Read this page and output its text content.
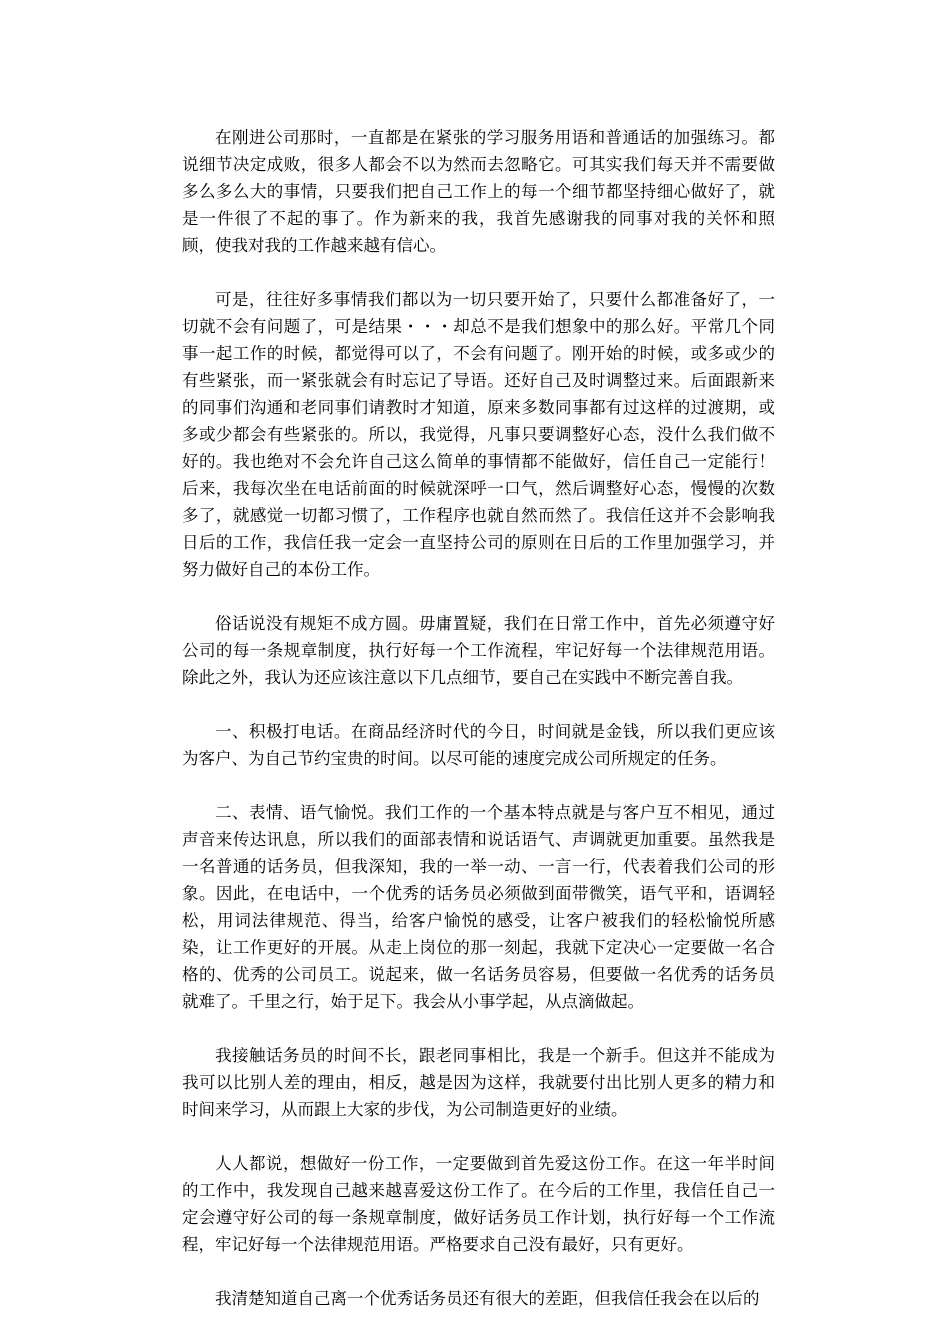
在刚进公司那时，一直都是在紧张的学习服务用语和普通话的加强练习。都说细节决定成败，很多人都会不以为然而去忽略它。可其实我们每天并不需要做多么多么大的事情，只要我们把自己工作上的每一个细节都坚持细心做好了，就是一件很了不起的事了。作为新来的我，我首先感谢我的同事对我的关怀和照顾，使我对我的工作越来越有信心。

可是，往往好多事情我们都以为一切只要开始了，只要什么都准备好了，一切就不会有问题了，可是结果・・・却总不是我们想象中的那么好。平常几个同事一起工作的时候，都觉得可以了，不会有问题了。刚开始的时候，或多或少的有些紧张，而一紧张就会有时忘记了导语。还好自己及时调整过来。后面跟新来的同事们沟通和老同事们请教时才知道，原来多数同事都有过这样的过渡期，或多或少都会有些紧张的。所以，我觉得，凡事只要调整好心态，没什么我们做不好的。我也绝对不会允许自己这么简单的事情都不能做好，信任自己一定能行！后来，我每次坐在电话前面的时候就深呼一口气，然后调整好心态，慢慢的次数多了，就感觉一切都习惯了，工作程序也就自然而然了。我信任这并不会影响我日后的工作，我信任我一定会一直坚持公司的原则在日后的工作里加强学习，并努力做好自己的本份工作。

俗话说没有规矩不成方圆。毋庸置疑，我们在日常工作中，首先必须遵守好公司的每一条规章制度，执行好每一个工作流程，牢记好每一个法律规范用语。除此之外，我认为还应该注意以下几点细节，要自己在实践中不断完善自我。

一、积极打电话。在商品经济时代的今日，时间就是金钱，所以我们更应该为客户、为自己节约宝贵的时间。以尽可能的速度完成公司所规定的任务。

二、表情、语气愉悦。我们工作的一个基本特点就是与客户互不相见，通过声音来传达讯息，所以我们的面部表情和说话语气、声调就更加重要。虽然我是一名普通的话务员，但我深知，我的一举一动、一言一行，代表着我们公司的形象。因此，在电话中，一个优秀的话务员必须做到面带微笑，语气平和，语调轻松，用词法律规范、得当，给客户愉悦的感受，让客户被我们的轻松愉悦所感染，让工作更好的开展。从走上岗位的那一刻起，我就下定决心一定要做一名合格的、优秀的公司员工。说起来，做一名话务员容易，但要做一名优秀的话务员就难了。千里之行，始于足下。我会从小事学起，从点滴做起。

我接触话务员的时间不长，跟老同事相比，我是一个新手。但这并不能成为我可以比别人差的理由，相反，越是因为这样，我就要付出比别人更多的精力和时间来学习，从而跟上大家的步伐，为公司制造更好的业绩。

人人都说，想做好一份工作，一定要做到首先爱这份工作。在这一年半时间的工作中，我发现自己越来越喜爱这份工作了。在今后的工作里，我信任自己一定会遵守好公司的每一条规章制度，做好话务员工作计划，执行好每一个工作流程，牢记好每一个法律规范用语。严格要求自己没有最好，只有更好。

我清楚知道自己离一个优秀话务员还有很大的差距，但我信任我会在以后的
